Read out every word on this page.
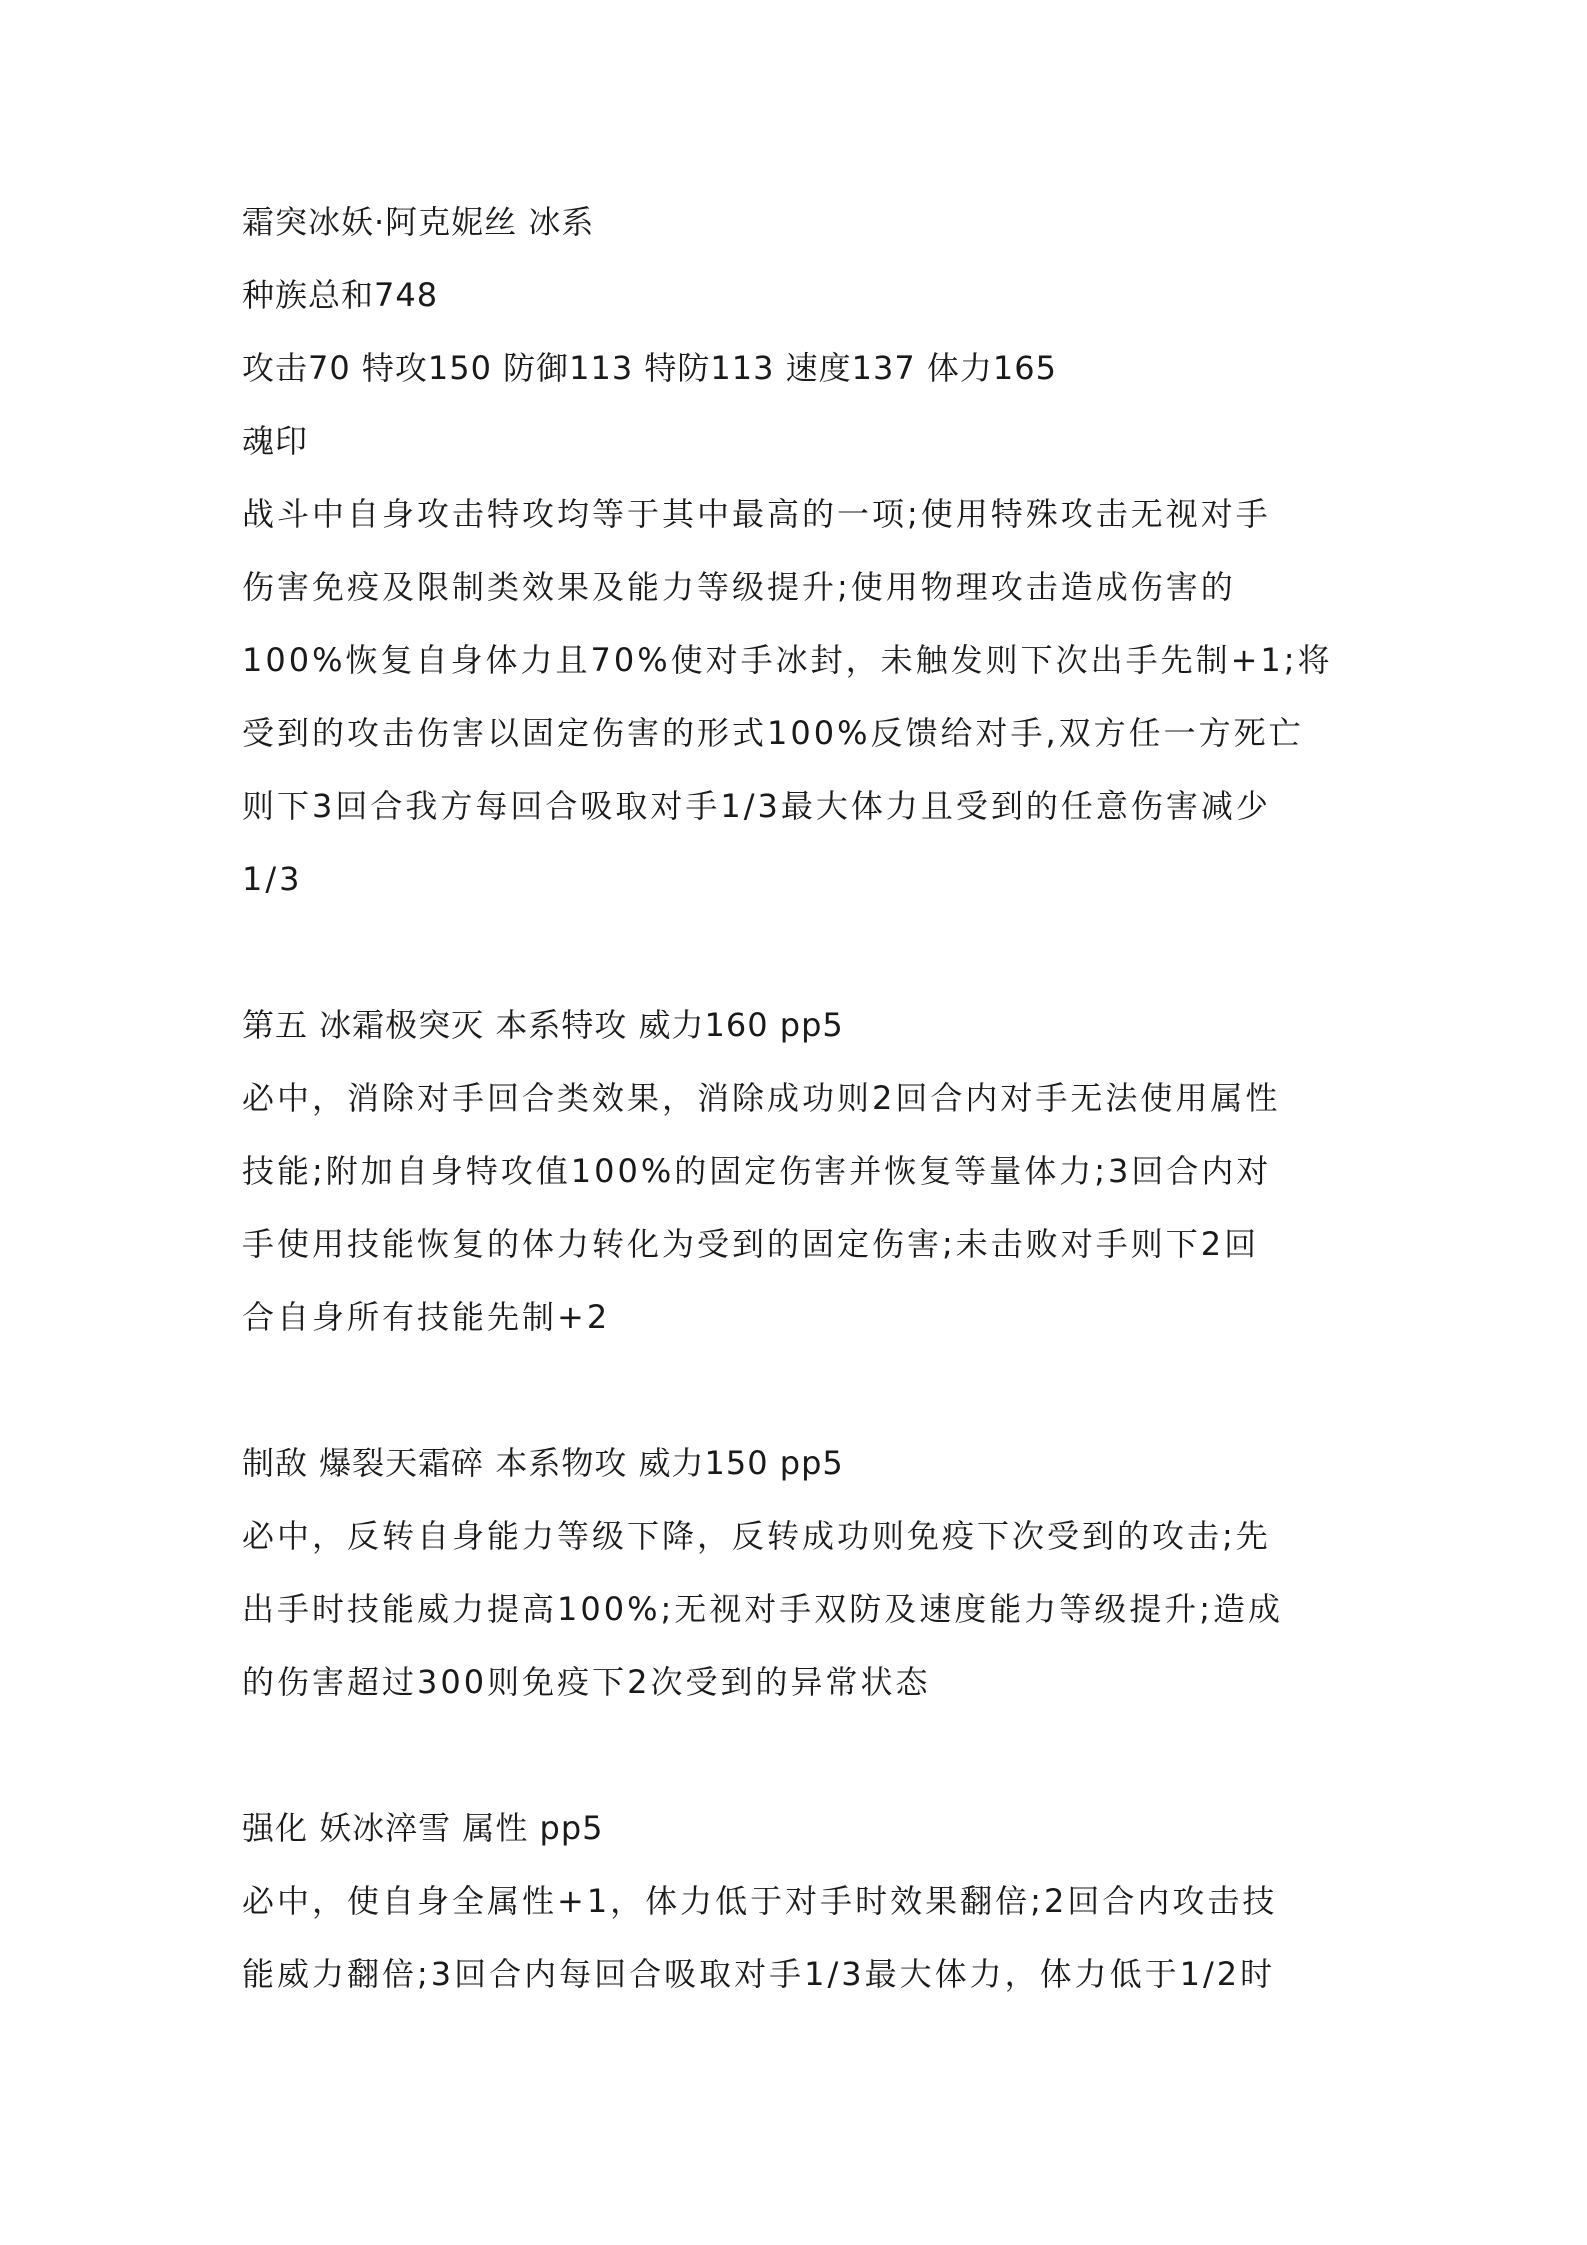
霜突冰妖·阿克妮丝 冰系
种族总和748
攻击70 特攻150 防御113 特防113 速度137 体力165
魂印
战斗中自身攻击特攻均等于其中最高的一项;使用特殊攻击无视对手
伤害免疫及限制类效果及能力等级提升;使用物理攻击造成伤害的
100%恢复自身体力且70%使对手冰封，未触发则下次出手先制+1;将
受到的攻击伤害以固定伤害的形式100%反馈给对手,双方任一方死亡
则下3回合我方每回合吸取对手1/3最大体力且受到的任意伤害减少
1/3
第五 冰霜极突灭 本系特攻 威力160 pp5
必中，消除对手回合类效果，消除成功则2回合内对手无法使用属性
技能;附加自身特攻值100%的固定伤害并恢复等量体力;3回合内对
手使用技能恢复的体力转化为受到的固定伤害;未击败对手则下2回
合自身所有技能先制+2
制敌 爆裂天霜碎 本系物攻 威力150 pp5
必中，反转自身能力等级下降，反转成功则免疫下次受到的攻击;先
出手时技能威力提高100%;无视对手双防及速度能力等级提升;造成
的伤害超过300则免疫下2次受到的异常状态
强化 妖冰淬雪 属性 pp5
必中，使自身全属性+1，体力低于对手时效果翻倍;2回合内攻击技
能威力翻倍;3回合内每回合吸取对手1/3最大体力，体力低于1/2时
